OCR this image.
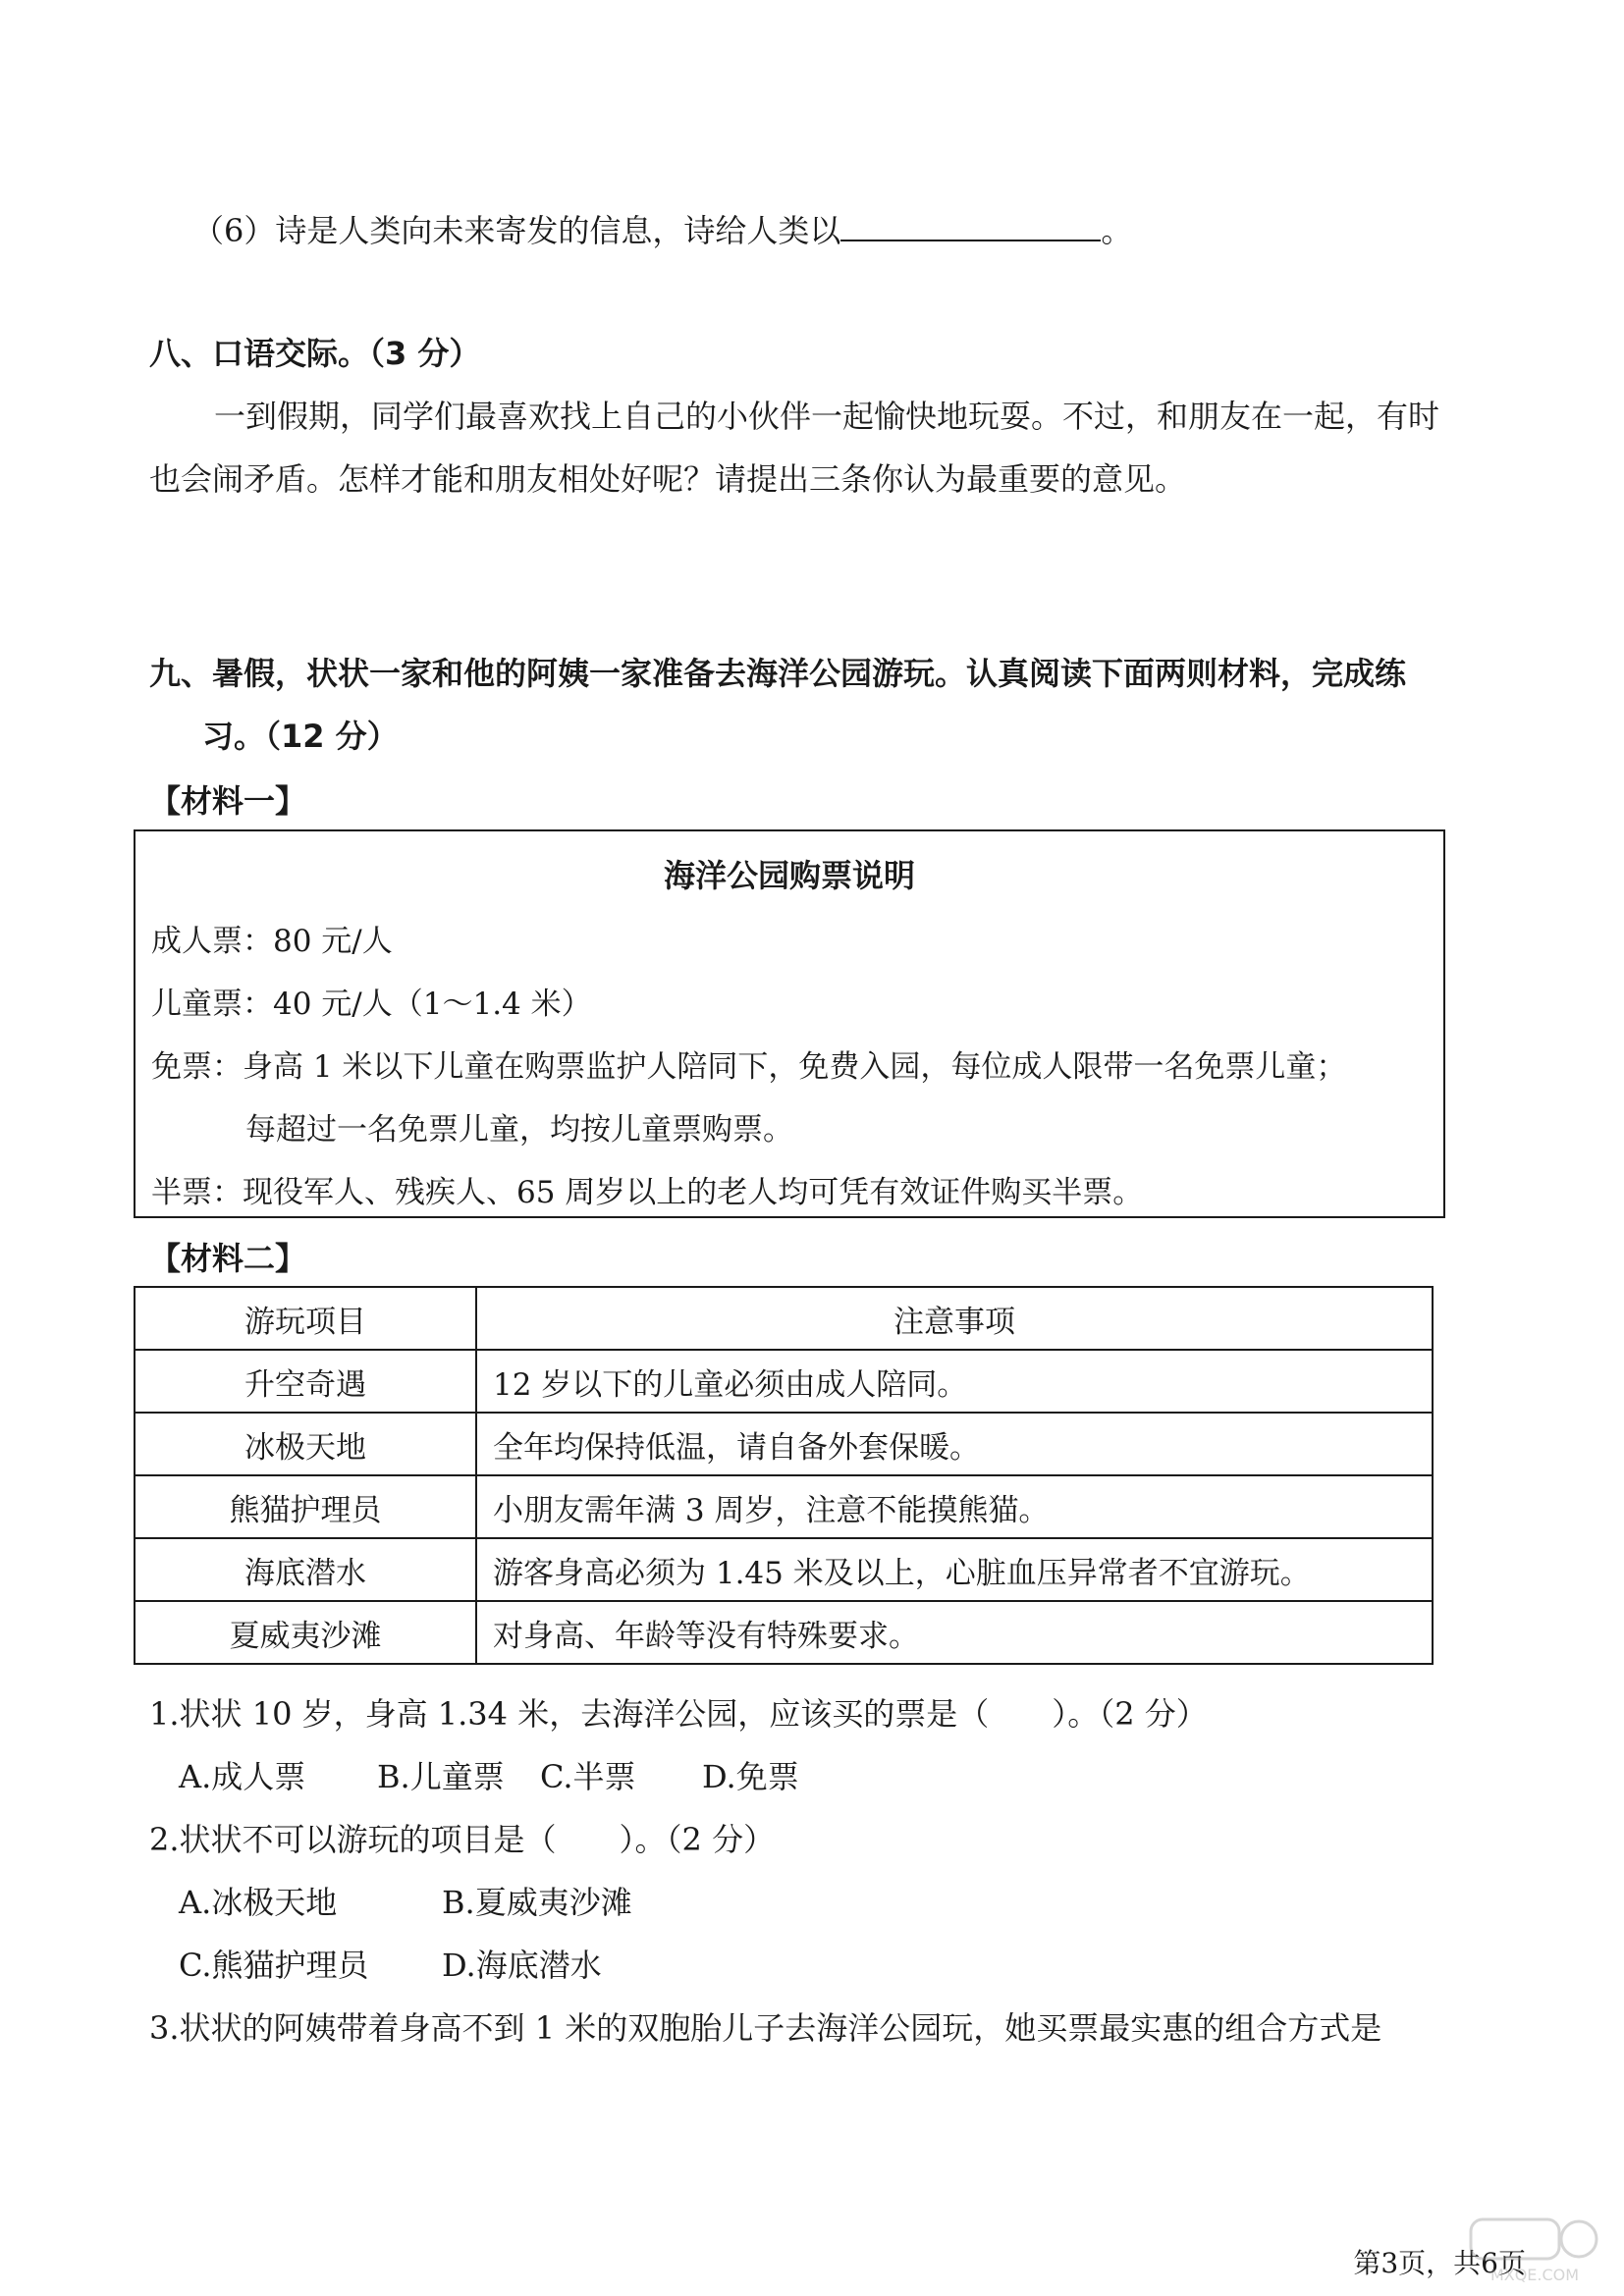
（6）诗是人类向未来寄发的信息，诗给人类以	。
八、口语交际。（3 分）
一到假期，同学们最喜欢找上自己的小伙伴一起愉快地玩耍。不过，和朋友在一起，有时
也会闹矛盾。怎样才能和朋友相处好呢？请提出三条你认为最重要的意见。
九、暑假，状状一家和他的阿姨一家准备去海洋公园游玩。认真阅读下面两则材料，完成练
习。（12 分）
【材料一】
海洋公园购票说明
成人票：80 元/人
儿童票：40 元/人（1～1.4 米）
免票：身高 1 米以下儿童在购票监护人陪同下，免费入园，每位成人限带一名免票儿童；
每超过一名免票儿童，均按儿童票购票。
半票：现役军人、残疾人、65 周岁以上的老人均可凭有效证件购买半票。
【材料二】
游玩项目	注意事项
升空奇遇	12 岁以下的儿童必须由成人陪同。
冰极天地	全年均保持低温，请自备外套保暖。
熊猫护理员	小朋友需年满 3 周岁，注意不能摸熊猫。
海底潜水	游客身高必须为 1.45 米及以上，心脏血压异常者不宜游玩。
夏威夷沙滩	对身高、年龄等没有特殊要求。
1.状状 10 岁，身高 1.34 米，去海洋公园，应该买的票是（　　）。（2 分）
A.成人票 B.儿童票 C.半票 D.免票
2.状状不可以游玩的项目是（　　）。（2 分）
A.冰极天地	B.夏威夷沙滩
C.熊猫护理员 D.海底潜水
3.状状的阿姨带着身高不到 1 米的双胞胎儿子去海洋公园玩，她买票最实惠的组合方式是
第3页，共6页
MXQE.COM
